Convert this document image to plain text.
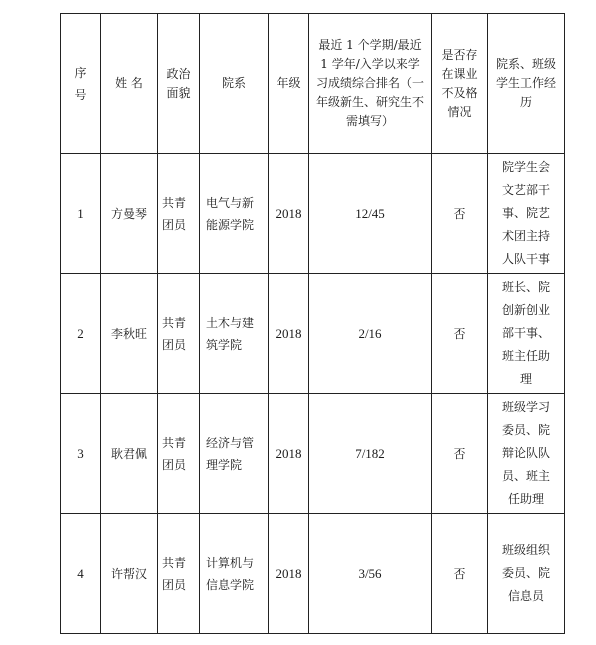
序号	姓 名	政治面貌	院系	年级	最近 1 个学期/最近 1 学年/入学以来学习成绩综合排名（一年级新生、研究生不需填写）	是否存在课业不及格情况	院系、班级学生工作经历
1	方曼琴	共青团员	电气与新能源学院	2018	12/45	否	院学生会文艺部干事、院艺术团主持人队干事
2	李秋旺	共青团员	土木与建筑学院	2018	2/16	否	班长、院创新创业部干事、班主任助理
3	耿君佩	共青团员	经济与管理学院	2018	7/182	否	班级学习委员、院辩论队队员、班主任助理
4	许帮汉	共青团员	计算机与信息学院	2018	3/56	否	班级组织委员、院信息员
